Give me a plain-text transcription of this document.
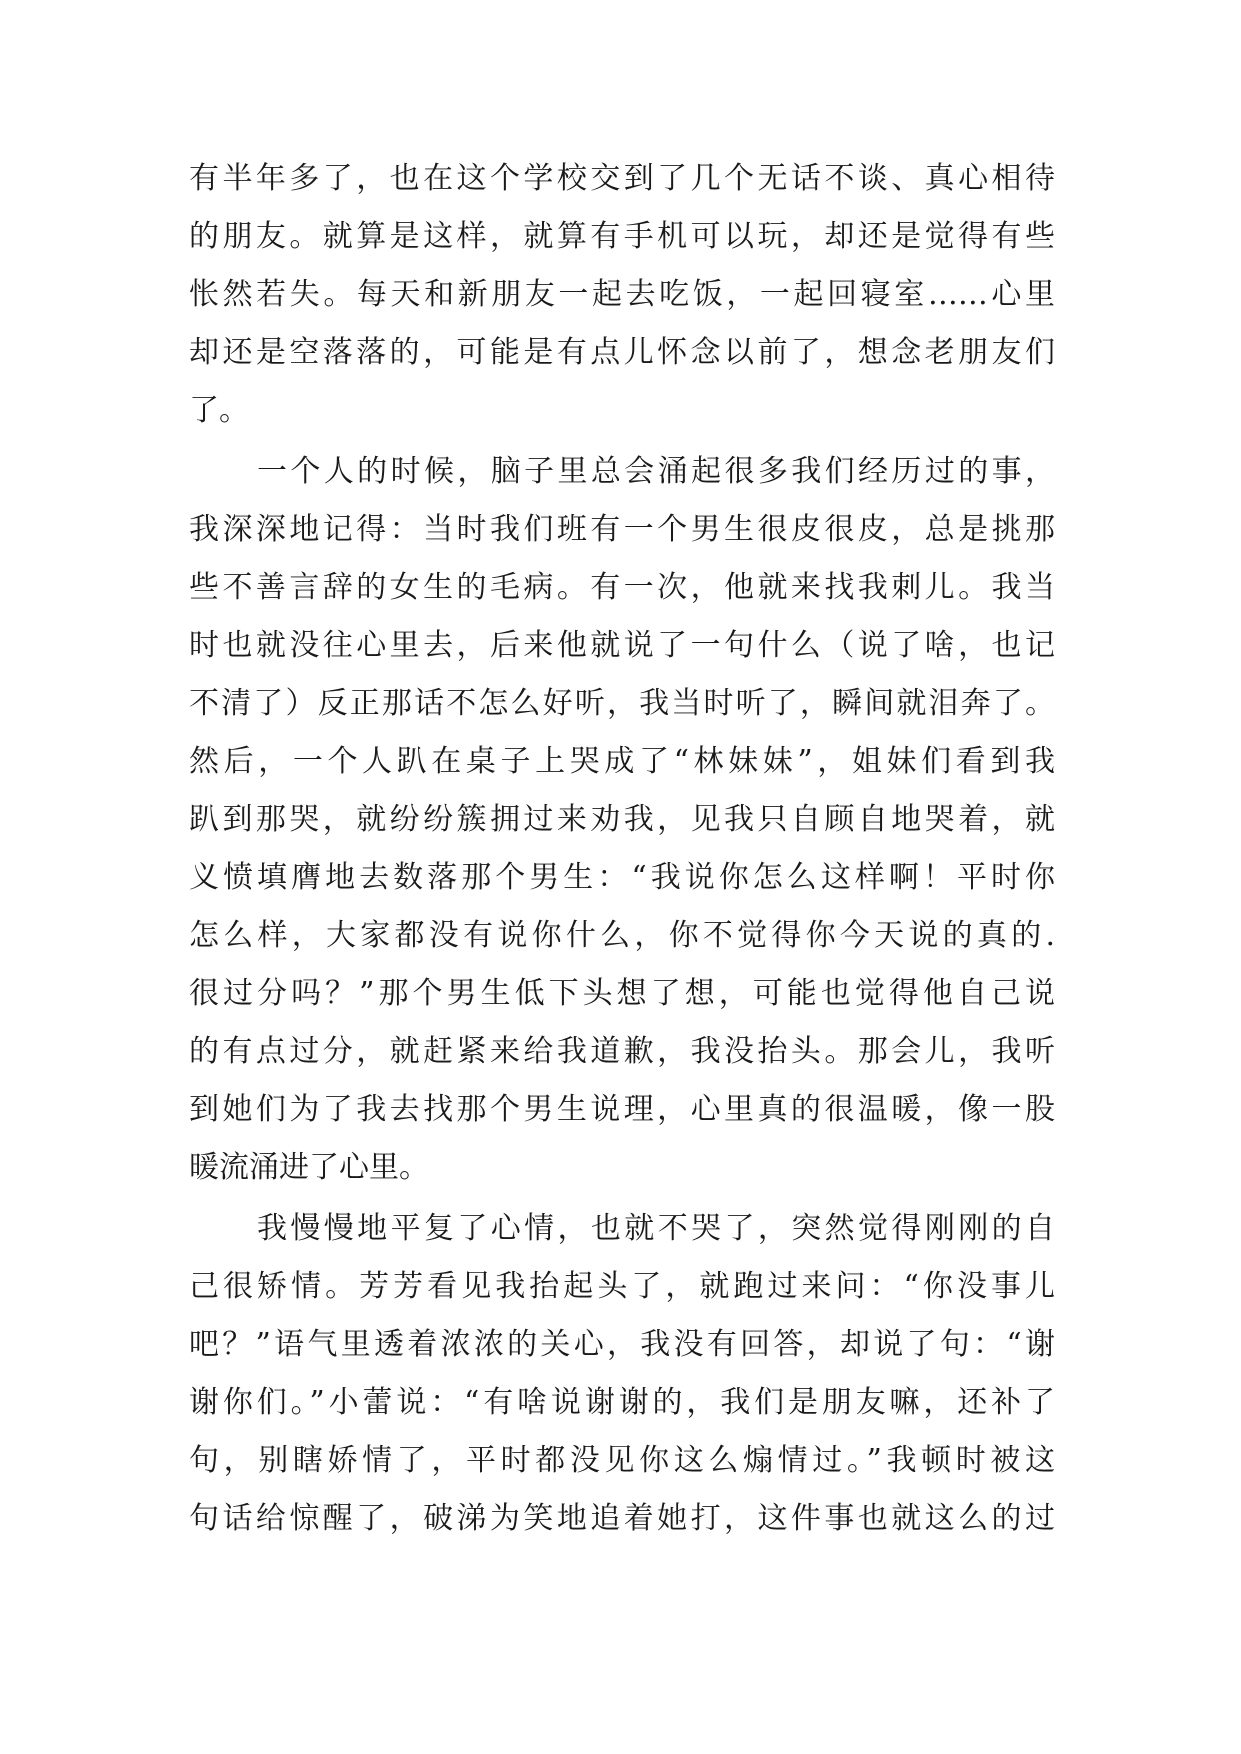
有半年多了，也在这个学校交到了几个无话不谈、真心相待
的朋友。就算是这样，就算有手机可以玩，却还是觉得有些
怅然若失。每天和新朋友一起去吃饭，一起回寝室……心里
却还是空落落的，可能是有点儿怀念以前了，想念老朋友们
了。
一个人的时候，脑子里总会涌起很多我们经历过的事，
我深深地记得：当时我们班有一个男生很皮很皮，总是挑那
些不善言辞的女生的毛病。有一次，他就来找我刺儿。我当
时也就没往心里去，后来他就说了一句什么（说了啥，也记
不清了）反正那话不怎么好听，我当时听了，瞬间就泪奔了。
然后，一个人趴在桌子上哭成了“林妹妹”，姐妹们看到我
趴到那哭，就纷纷簇拥过来劝我，见我只自顾自地哭着，就
义愤填膺地去数落那个男生：“我说你怎么这样啊！平时你
怎么样，大家都没有说你什么，你不觉得你今天说的真的.
很过分吗？”那个男生低下头想了想，可能也觉得他自己说
的有点过分，就赶紧来给我道歉，我没抬头。那会儿，我听
到她们为了我去找那个男生说理，心里真的很温暖，像一股
暖流涌进了心里。
我慢慢地平复了心情，也就不哭了，突然觉得刚刚的自
己很矫情。芳芳看见我抬起头了，就跑过来问：“你没事儿
吧？”语气里透着浓浓的关心，我没有回答，却说了句：“谢
谢你们。”小蕾说：“有啥说谢谢的，我们是朋友嘛，还补了
句，别瞎娇情了，平时都没见你这么煽情过。”我顿时被这
句话给惊醒了，破涕为笑地追着她打，这件事也就这么的过
